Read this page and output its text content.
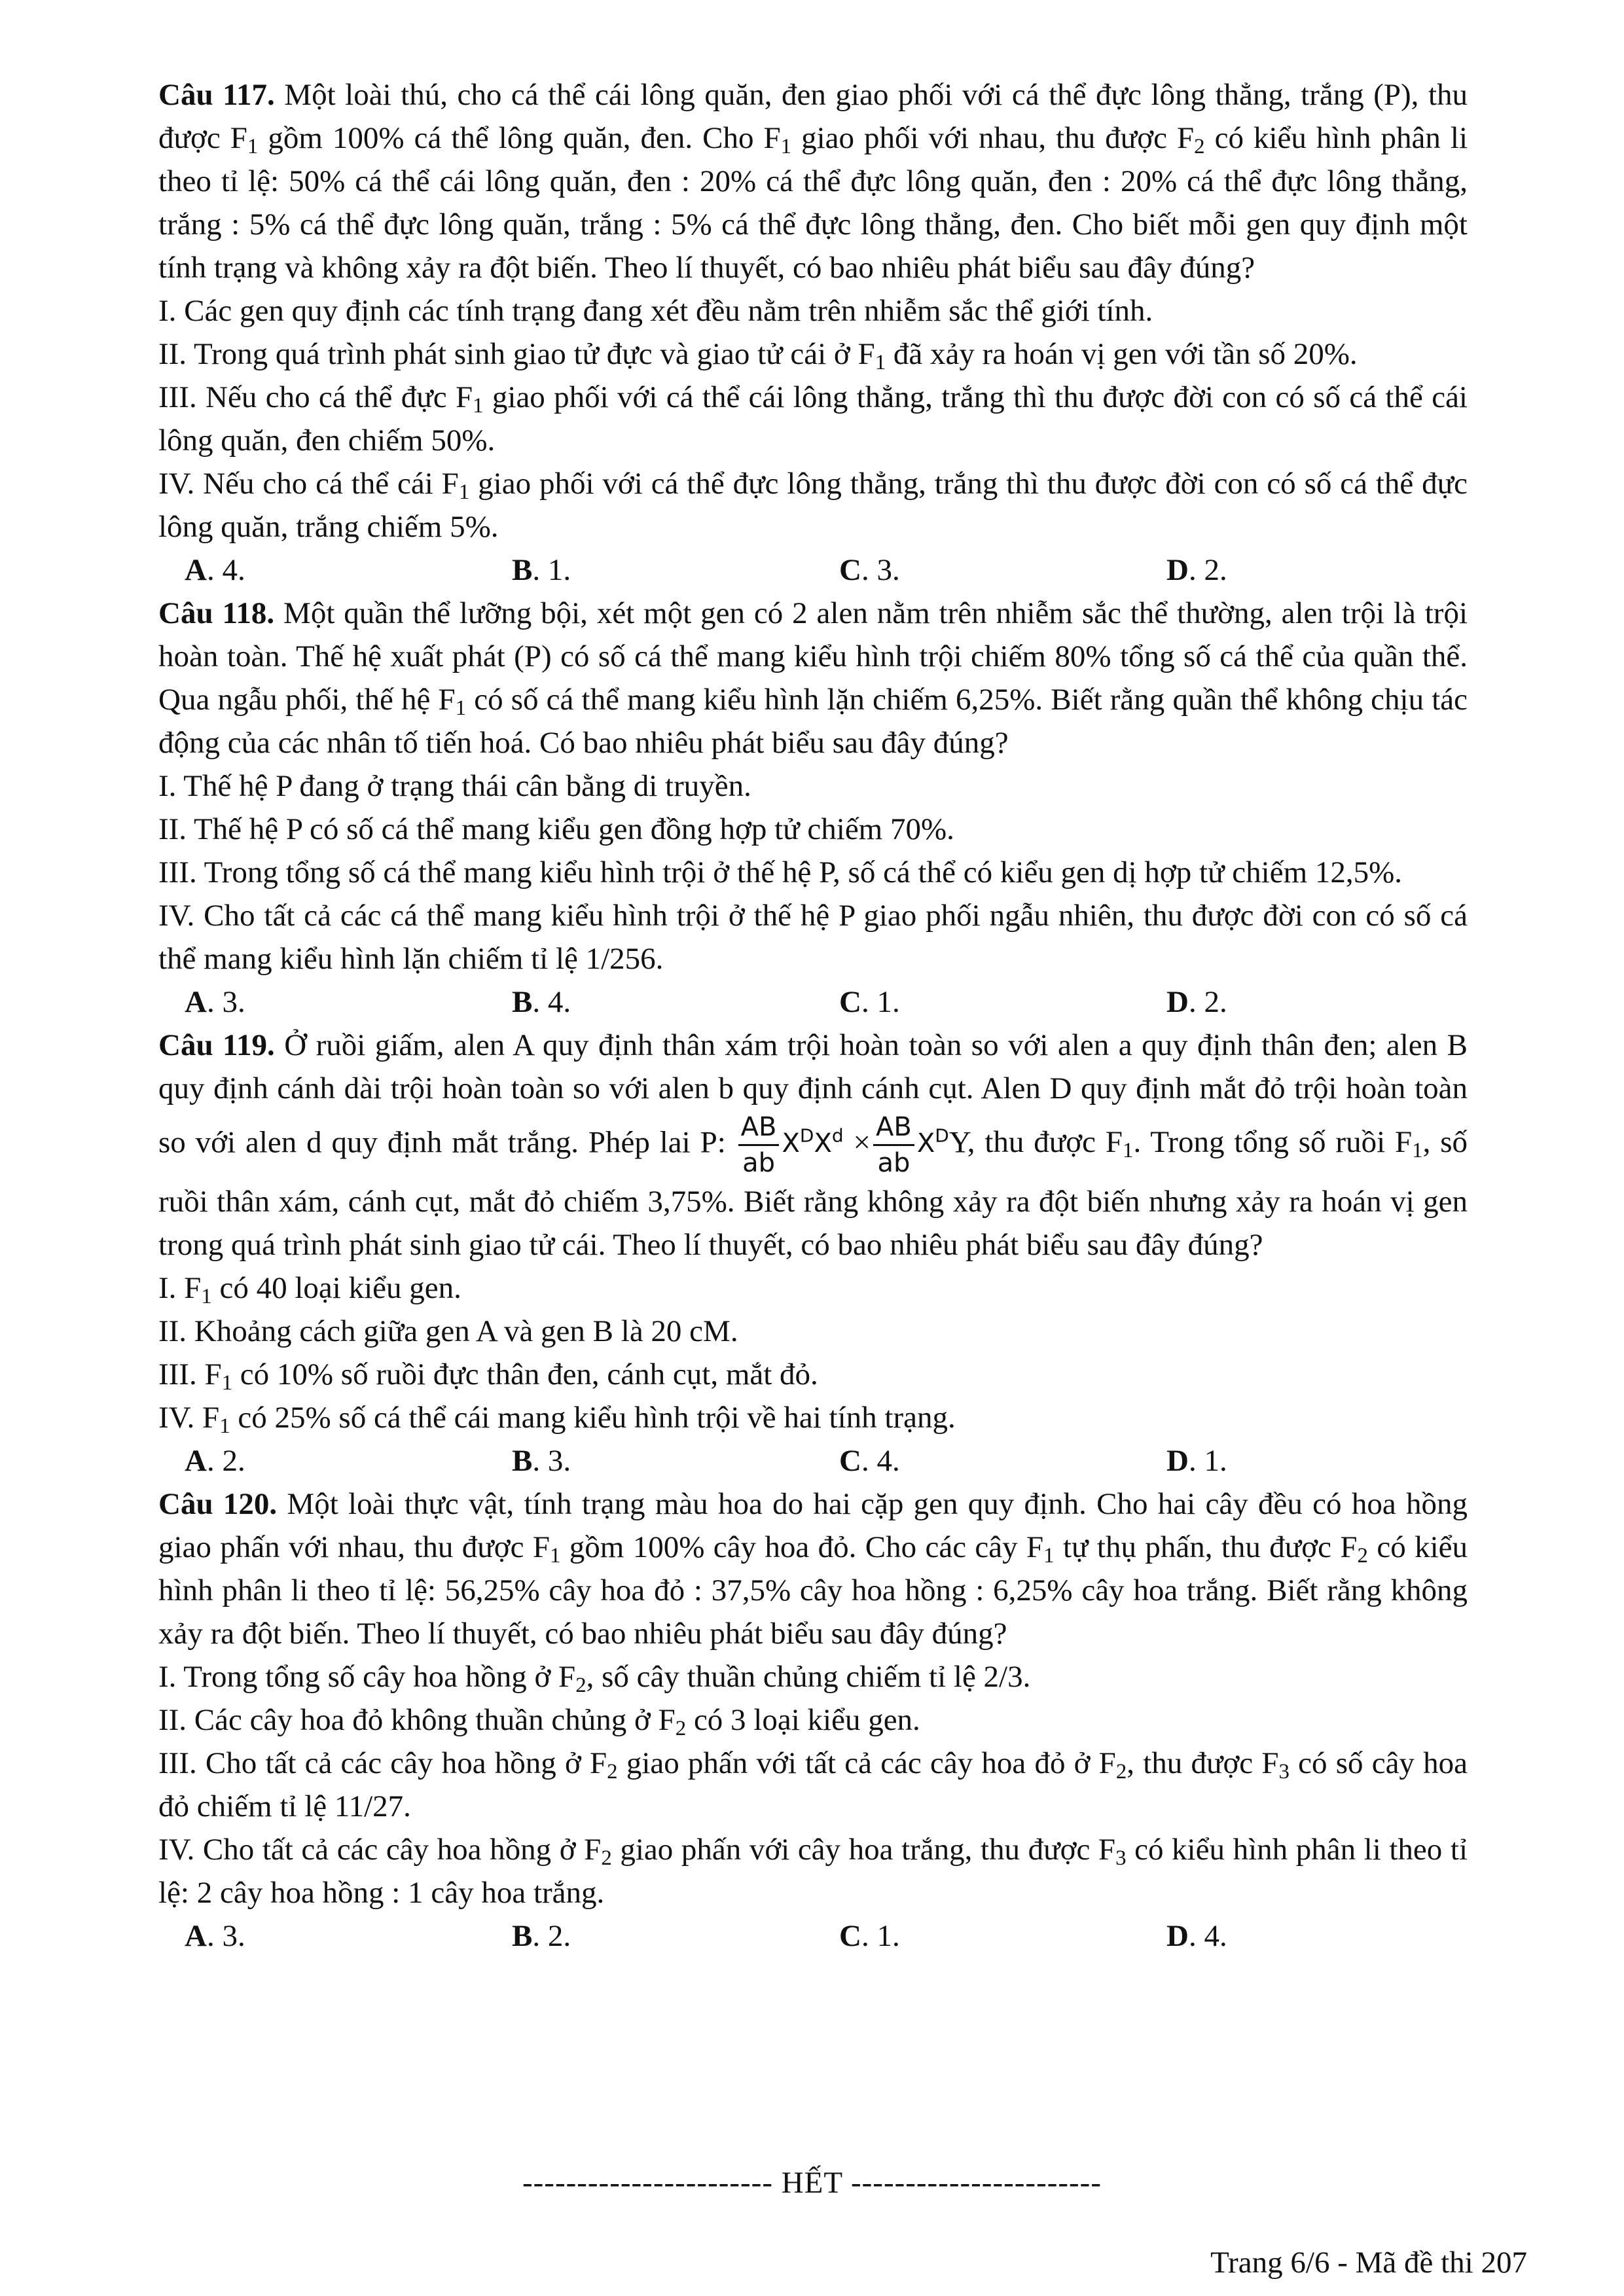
Câu 117. Một loài thú, cho cá thể cái lông quăn, đen giao phối với cá thể đực lông thẳng, trắng (P), thu được $F_1$ gồm 100% cá thể lông quăn, đen. Cho $F_1$ giao phối với nhau, thu được $F_2$ có kiểu hình phân li theo tỉ lệ: 50% cá thể cái lông quăn, đen : 20% cá thể đực lông quăn, đen : 20% cá thể đực lông thẳng, trắng : 5% cá thể đực lông quăn, trắng : 5% cá thể đực lông thẳng, đen. Cho biết mỗi gen quy định một tính trạng và không xảy ra đột biến. Theo lí thuyết, có bao nhiêu phát biểu sau đây đúng?

I. Các gen quy định các tính trạng đang xét đều nằm trên nhiễm sắc thể giới tính.

II. Trong quá trình phát sinh giao tử đực và giao tử cái ở $F_1$ đã xảy ra hoán vị gen với tần số 20%.

III. Nếu cho cá thể đực $F_1$ giao phối với cá thể cái lông thẳng, trắng thì thu được đời con có số cá thể cái lông quăn, đen chiếm 50%.

IV. Nếu cho cá thể cái $F_1$ giao phối với cá thể đực lông thẳng, trắng thì thu được đời con có số cá thể đực lông quăn, trắng chiếm 5%.

A. 4.	B. 1.	C. 3.	D. 2.

Câu 118. Một quần thể lưỡng bội, xét một gen có 2 alen nằm trên nhiễm sắc thể thường, alen trội là trội hoàn toàn. Thế hệ xuất phát (P) có số cá thể mang kiểu hình trội chiếm 80% tổng số cá thể của quần thể. Qua ngẫu phối, thế hệ $F_1$ có số cá thể mang kiểu hình lặn chiếm 6,25%. Biết rằng quần thể không chịu tác động của các nhân tố tiến hoá. Có bao nhiêu phát biểu sau đây đúng?

I. Thế hệ P đang ở trạng thái cân bằng di truyền.

II. Thế hệ P có số cá thể mang kiểu gen đồng hợp tử chiếm 70%.

III. Trong tổng số cá thể mang kiểu hình trội ở thế hệ P, số cá thể có kiểu gen dị hợp tử chiếm 12,5%.

IV. Cho tất cả các cá thể mang kiểu hình trội ở thế hệ P giao phối ngẫu nhiên, thu được đời con có số cá thể mang kiểu hình lặn chiếm tỉ lệ 1/256.

A. 3.	B. 4.	C. 1.	D. 2.

Câu 119. Ở ruồi giấm, alen A quy định thân xám trội hoàn toàn so với alen a quy định thân đen; alen B quy định cánh dài trội hoàn toàn so với alen b quy định cánh cụt. Alen D quy định mắt đỏ trội hoàn toàn so với alen d quy định mắt trắng. Phép lai P: $\frac{AB}{ab} X^DX^d \times \frac{AB}{ab} X^DY$, thu được $F_1$. Trong tổng số ruồi $F_1$, số ruồi thân xám, cánh cụt, mắt đỏ chiếm 3,75%. Biết rằng không xảy ra đột biến nhưng xảy ra hoán vị gen trong quá trình phát sinh giao tử cái. Theo lí thuyết, có bao nhiêu phát biểu sau đây đúng?

I. $F_1$ có 40 loại kiểu gen.

II. Khoảng cách giữa gen A và gen B là 20 cM.

III. $F_1$ có 10% số ruồi đực thân đen, cánh cụt, mắt đỏ.

IV. $F_1$ có 25% số cá thể cái mang kiểu hình trội về hai tính trạng.

A. 2.	B. 3.	C. 4.	D. 1.

Câu 120. Một loài thực vật, tính trạng màu hoa do hai cặp gen quy định. Cho hai cây đều có hoa hồng giao phấn với nhau, thu được $F_1$ gồm 100% cây hoa đỏ. Cho các cây $F_1$ tự thụ phấn, thu được $F_2$ có kiểu hình phân li theo tỉ lệ: 56,25% cây hoa đỏ : 37,5% cây hoa hồng : 6,25% cây hoa trắng. Biết rằng không xảy ra đột biến. Theo lí thuyết, có bao nhiêu phát biểu sau đây đúng?

I. Trong tổng số cây hoa hồng ở $F_2$, số cây thuần chủng chiếm tỉ lệ 2/3.

II. Các cây hoa đỏ không thuần chủng ở $F_2$ có 3 loại kiểu gen.

III. Cho tất cả các cây hoa hồng ở $F_2$ giao phấn với tất cả các cây hoa đỏ ở $F_2$, thu được $F_3$ có số cây hoa đỏ chiếm tỉ lệ 11/27.

IV. Cho tất cả các cây hoa hồng ở $F_2$ giao phấn với cây hoa trắng, thu được $F_3$ có kiểu hình phân li theo tỉ lệ: 2 cây hoa hồng : 1 cây hoa trắng.

A. 3.	B. 2.	C. 1.	D. 4.
----------------------- HẾT -----------------------
Trang 6/6 - Mã đề thi 207
